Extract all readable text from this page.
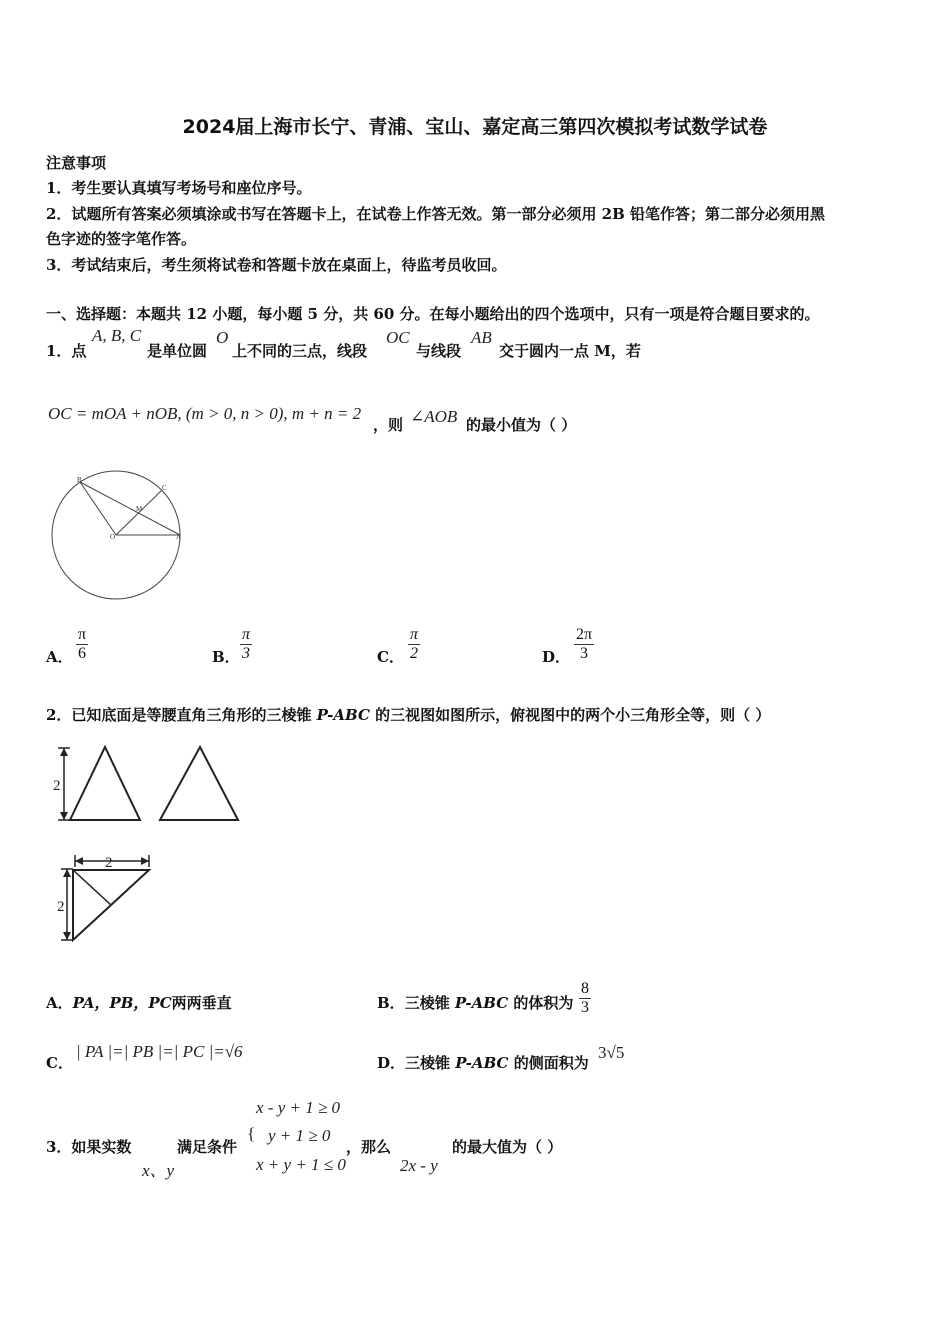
2024届上海市长宁、青浦、宝山、嘉定高三第四次模拟考试数学试卷
注意事项
1．考生要认真填写考场号和座位序号。
2．试题所有答案必须填涂或书写在答题卡上，在试卷上作答无效。第一部分必须用 2B 铅笔作答；第二部分必须用黑
色字迹的签字笔作答。
3．考试结束后，考生须将试卷和答题卡放在桌面上，待监考员收回。
一、选择题：本题共 12 小题，每小题 5 分，共 60 分。在每小题给出的四个选项中，只有一项是符合题目要求的。
1．点
A, B, C
是单位圆
O
上不同的三点，线段
OC
与线段
AB
交于圆内一点 M，若
OC = mOA + nOB, (m > 0, n > 0), m + n = 2
，则 ∠AOB 的最小值为（ ）
B
C
M
O	A
A． $\frac{\pi}{6}$	B． $\frac{\pi}{3}$	C． $\frac{\pi}{2}$	D． $\frac{2\pi}{3}$
2．已知底面是等腰直角三角形的三棱锥 P-ABC 的三视图如图所示，俯视图中的两个小三角形全等，则（ ）
2
2
2
A．PA，PB，PC两两垂直	B．三棱锥 P-ABC 的体积为 $\frac{8}{3}$
C．
| PA |=| PB |=| PC |=√6
D．三棱锥 P-ABC 的侧面积为
3√5
x - y + 1 ≥ 0
3．如果实数
x、y
满足条件
{ y + 1 ≥ 0
x + y + 1 ≤ 0
，那么
2x - y
的最大值为（ ）
